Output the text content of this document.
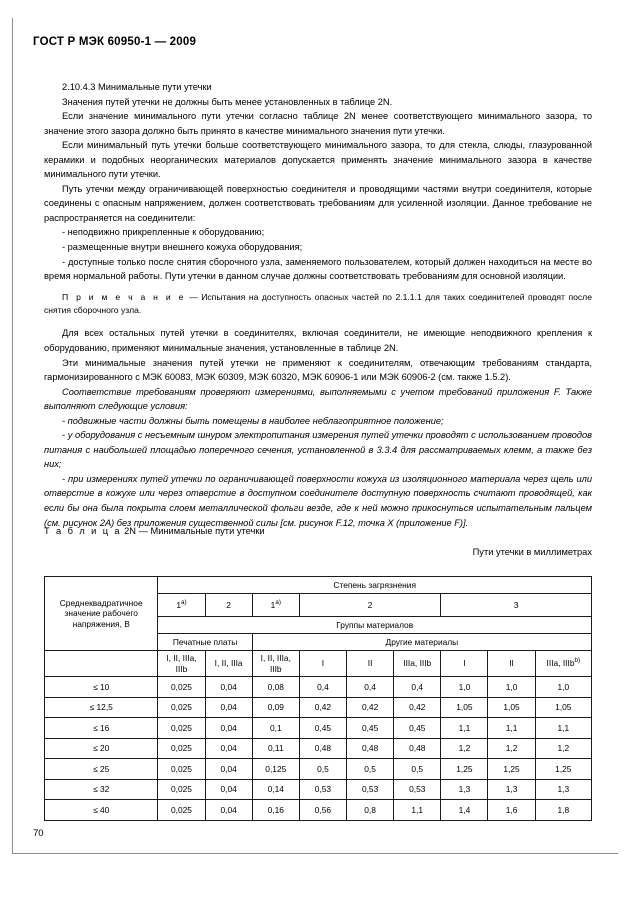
ГОСТ Р МЭК 60950-1 — 2009

2.10.4.3 Минимальные пути утечки

Значения путей утечки не должны быть менее установленных в таблице 2N.

Если значение минимального пути утечки согласно таблице 2N менее соответствующего минимального зазора, то значение этого зазора должно быть принято в качестве минимального значения пути утечки.

Если минимальный путь утечки больше соответствующего минимального зазора, то для стекла, слюды, глазурованной керамики и подобных неорганических материалов допускается применять значение минимального зазора в качестве минимального пути утечки.

Путь утечки между ограничивающей поверхностью соединителя и проводящими частями внутри соединителя, которые соединены с опасным напряжением, должен соответствовать требованиям для усиленной изоляции. Данное требование не распространяется на соединители:

- неподвижно прикрепленные к оборудованию;

- размещенные внутри внешнего кожуха оборудования;

- доступные только после снятия сборочного узла, заменяемого пользователем, который должен находиться на месте во время нормальной работы. Пути утечки в данном случае должны соответствовать требованиям для основной изоляции.

П р и м е ч а н и е — Испытания на доступность опасных частей по 2.1.1.1 для таких соединителей проводят после снятия сборочного узла.

Для всех остальных путей утечки в соединителях, включая соединители, не имеющие неподвижного крепления к оборудованию, применяют минимальные значения, установленные в таблице 2N.

Эти минимальные значения путей утечки не применяют к соединителям, отвечающим требованиям стандарта, гармонизированного с МЭК 60083, МЭК 60309, МЭК 60320, МЭК 60906-1 или МЭК 60906-2 (см. также 1.5.2).

Соответствие требованиям проверяют измерениями, выполняемыми с учетом требований приложения F. Также выполняют следующие условия:

- подвижные части должны быть помещены в наиболее неблагоприятное положение;

- у оборудования с несъемным шнуром электропитания измерения путей утечки проводят с использованием проводов питания с наибольшей площадью поперечного сечения, установленной в 3.3.4 для рассматриваемых клемм, а также без них;

- при измерениях путей утечки по ограничивающей поверхности кожуха из изоляционного материала через щель или отверстие в кожухе или через отверстие в доступном соединителе доступную поверхность считают проводящей, как если бы она была покрыта слоем металлической фольги везде, где к ней можно прикоснуться испытательным пальцем (см. рисунок 2А) без приложения существенной силы [см. рисунок F.12, точка X (приложение F)].

Т а б л и ц а 2N — Минимальные пути утечки
Пути утечки в миллиметрах
Среднеквадратичное значение рабочего напряжения, В	Степень загрязнения								
	1$^{a)}$	2	1$^{a)}$	2			3		
	Группы материалов								
	Печатные платы		Другие материалы						
	I, II, IIIa, IIIb	I, II, IIIa	I, II, IIIa, IIIb	I	II	IIIa, IIIb	I	II	IIIa, IIIb$^{b)}$
≤ 10	0,025	0,04	0,08	0,4	0,4	0,4	1,0	1,0	1,0
≤ 12,5	0,025	0,04	0,09	0,42	0,42	0,42	1,05	1,05	1,05
≤ 16	0,025	0,04	0,1	0,45	0,45	0,45	1,1	1,1	1,1
≤ 20	0,025	0,04	0,11	0,48	0,48	0,48	1,2	1,2	1,2
≤ 25	0,025	0,04	0,125	0,5	0,5	0,5	1,25	1,25	1,25
≤ 32	0,025	0,04	0,14	0,53	0,53	0,53	1,3	1,3	1,3
≤ 40	0,025	0,04	0,16	0,56	0,8	1,1	1,4	1,6	1,8
70
